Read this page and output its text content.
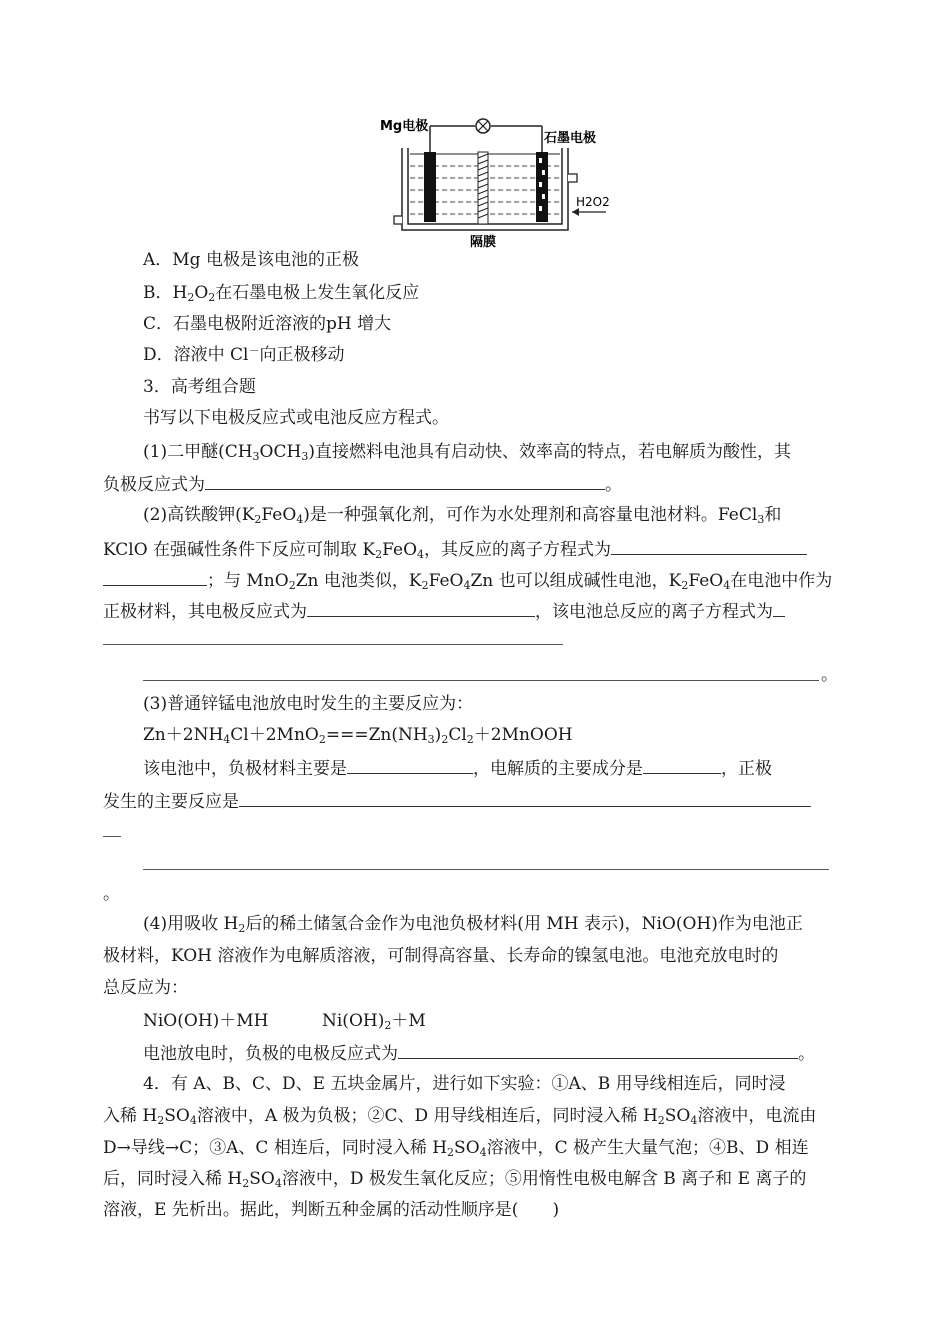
Mg电极
石墨电极
H2O2
隔膜
A．Mg 电极是该电池的正极
B．$H_2O_2$在石墨电极上发生氧化反应
C．石墨电极附近溶液的pH 增大
D．溶液中 Cl－向正极移动
3．高考组合题
书写以下电极反应式或电池反应方程式。
(1)二甲醚$(CH_3OCH_3)$直接燃料电池具有启动快、效率高的特点，若电解质为酸性，其
负极反应式为	。
(2)高铁酸钾$(K_2FeO_4)$是一种强氧化剂，可作为水处理剂和高容量电池材料。FeCl$_3$和
KClO 在强碱性条件下反应可制取 $K_2FeO_4$，其反应的离子方程式为
；与 MnO$_2$Zn 电池类似，$K_2FeO_4Zn$ 也可以组成碱性电池，$K_2FeO_4$在电池中作为
正极材料，其电极反应式为	，该电池总反应的离子方程式为
。
(3)普通锌锰电池放电时发生的主要反应为：
$Zn+2NH_4Cl+2MnO_2===Zn(NH_3)_2Cl_2+2MnOOH$
该电池中，负极材料主要是	，电解质的主要成分是	，正极
发生的主要反应是
。
(4)用吸收 $H_2$后的稀土储氢合金作为电池负极材料(用 MH 表示)，NiO(OH)作为电池正
极材料，KOH 溶液作为电解质溶液，可制得高容量、长寿命的镍氢电池。电池充放电时的
总反应为：
NiO(OH)＋MH	$Ni(OH)_2+M$
电池放电时，负极的电极反应式为	。
4．有 A、B、C、D、E 五块金属片，进行如下实验：①A、B 用导线相连后，同时浸
入稀 $H_2SO_4$溶液中，A 极为负极；②C、D 用导线相连后，同时浸入稀 $H_2SO_4$溶液中，电流由
D→导线→C；③A、C 相连后，同时浸入稀 $H_2SO_4$溶液中，C 极产生大量气泡；④B、D 相连
后，同时浸入稀 $H_2SO_4$溶液中，D 极发生氧化反应；⑤用惰性电极电解含 B 离子和 E 离子的
溶液，E 先析出。据此，判断五种金属的活动性顺序是(　　)
